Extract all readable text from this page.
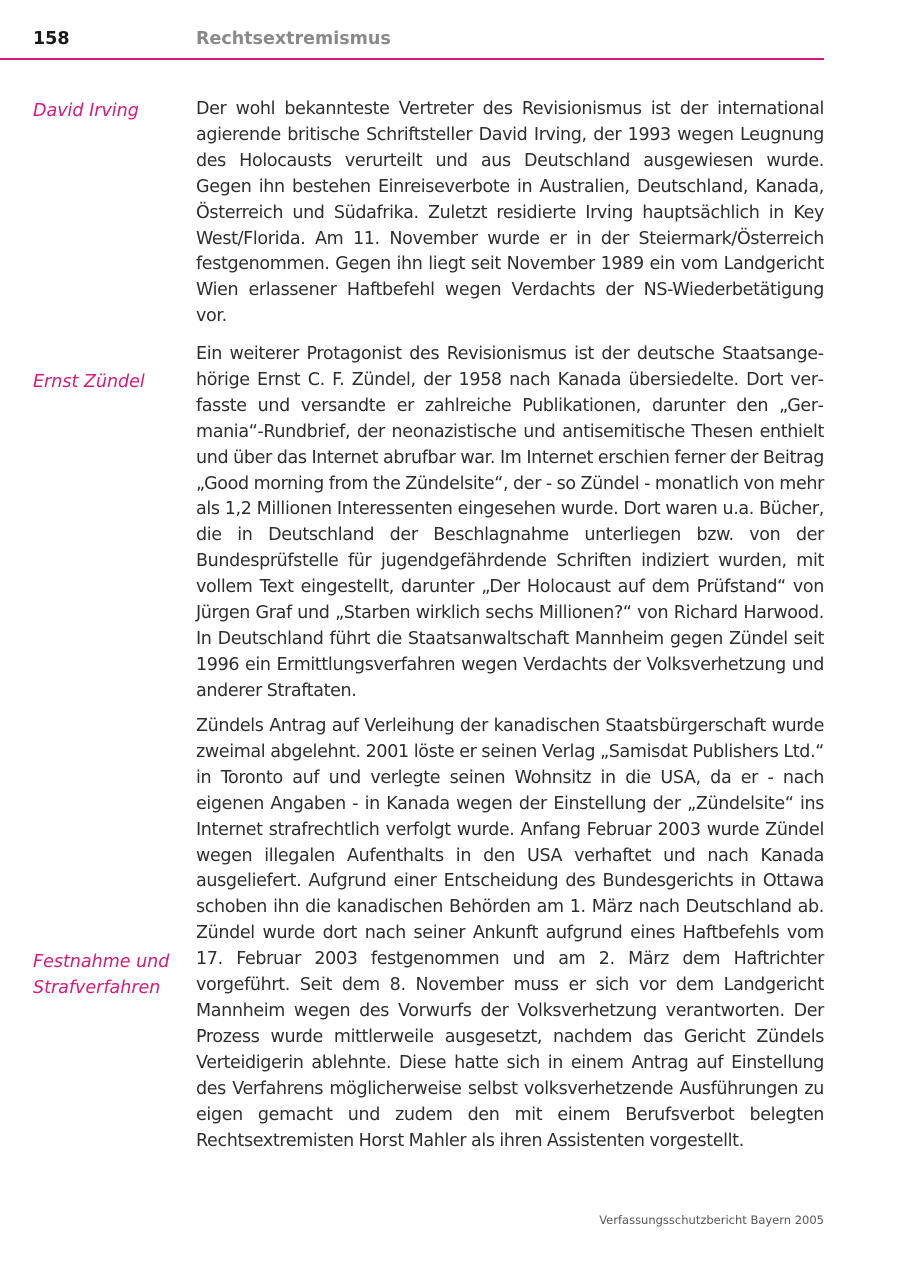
158	Rechtsextremismus
David Irving
Ernst Zündel
Festnahme und
Strafverfahren

Der wohl bekannteste Vertreter des Revisionismus ist der international agierende britische Schriftsteller David Irving, der 1993 wegen Leugnung des Holocausts verurteilt und aus Deutschland ausgewiesen wurde. Gegen ihn bestehen Einreiseverbote in Australien, Deutschland, Kanada, Österreich und Südafrika. Zuletzt residierte Irving hauptsächlich in Key West/Florida. Am 11. November wurde er in der Steiermark/Österreich festgenommen. Gegen ihn liegt seit November 1989 ein vom Landgericht Wien erlassener Haftbefehl wegen Verdachts der NS-Wiederbetätigung vor.

Ein weiterer Protagonist des Revisionismus ist der deutsche Staatsangehörige Ernst C. F. Zündel, der 1958 nach Kanada übersiedelte. Dort verfasste und versandte er zahlreiche Publikationen, darunter den „Germania“-Rundbrief, der neonazistische und antisemitische Thesen enthielt und über das Internet abrufbar war. Im Internet erschien ferner der Beitrag „Good morning from the Zündelsite“, der - so Zündel - monatlich von mehr als 1,2 Millionen Interessenten eingesehen wurde. Dort waren u.a. Bücher, die in Deutschland der Beschlagnahme unterliegen bzw. von der Bundesprüfstelle für jugendgefährdende Schriften indiziert wurden, mit vollem Text eingestellt, darunter „Der Holocaust auf dem Prüfstand“ von Jürgen Graf und „Starben wirklich sechs Millionen?“ von Richard Harwood. In Deutschland führt die Staatsanwaltschaft Mannheim gegen Zündel seit 1996 ein Ermittlungsverfahren wegen Verdachts der Volksverhetzung und anderer Straftaten.

Zündels Antrag auf Verleihung der kanadischen Staatsbürgerschaft wurde zweimal abgelehnt. 2001 löste er seinen Verlag „Samisdat Publishers Ltd.“ in Toronto auf und verlegte seinen Wohnsitz in die USA, da er - nach eigenen Angaben - in Kanada wegen der Einstellung der „Zündelsite“ ins Internet strafrechtlich verfolgt wurde. Anfang Februar 2003 wurde Zündel wegen illegalen Aufenthalts in den USA verhaftet und nach Kanada ausgeliefert. Aufgrund einer Entscheidung des Bundesgerichts in Ottawa schoben ihn die kanadischen Behörden am 1. März nach Deutschland ab. Zündel wurde dort nach seiner Ankunft aufgrund eines Haftbefehls vom 17. Februar 2003 festgenommen und am 2. März dem Haftrichter vorgeführt. Seit dem 8. November muss er sich vor dem Landgericht Mannheim wegen des Vorwurfs der Volksverhetzung verantworten. Der Prozess wurde mittlerweile ausgesetzt, nachdem das Gericht Zündels Verteidigerin ablehnte. Diese hatte sich in einem Antrag auf Einstellung des Verfahrens möglicherweise selbst volksverhetzende Ausführungen zu eigen gemacht und zudem den mit einem Berufsverbot belegten Rechtsextremisten Horst Mahler als ihren Assistenten vorgestellt.

Verfassungsschutzbericht Bayern 2005
